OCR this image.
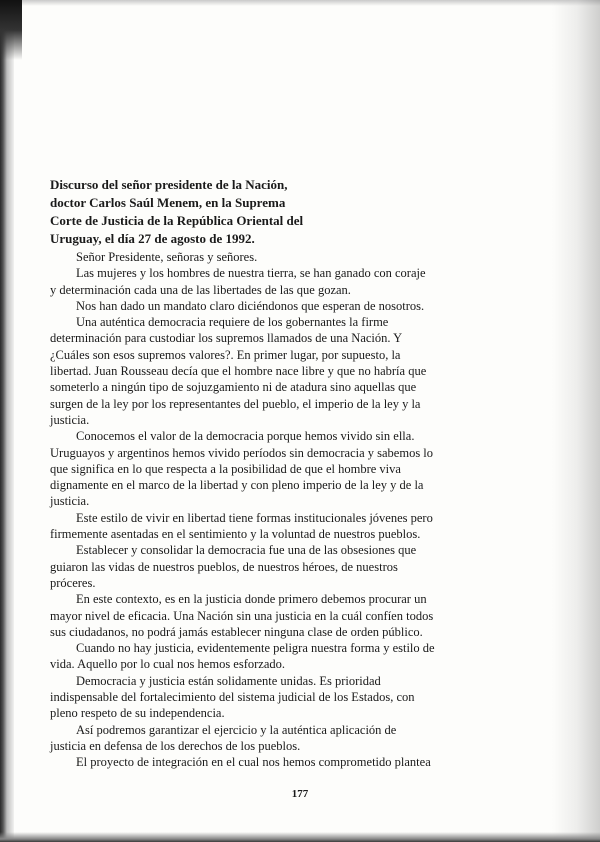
Discurso del señor presidente de la Nación,
doctor Carlos Saúl Menem, en la Suprema
Corte de Justicia de la República Oriental del
Uruguay, el día 27 de agosto de 1992.

Señor Presidente, señoras y señores.

Las mujeres y los hombres de nuestra tierra, se han ganado con coraje
y determinación cada una de las libertades de las que gozan.

Nos han dado un mandato claro diciéndonos que esperan de nosotros.

Una auténtica democracia requiere de los gobernantes la firme
determinación para custodiar los supremos llamados de una Nación. Y
¿Cuáles son esos supremos valores?. En primer lugar, por supuesto, la
libertad. Juan Rousseau decía que el hombre nace libre y que no habría que
someterlo a ningún tipo de sojuzgamiento ni de atadura sino aquellas que
surgen de la ley por los representantes del pueblo, el imperio de la ley y la
justicia.

Conocemos el valor de la democracia porque hemos vivido sin ella.
Uruguayos y argentinos hemos vivido períodos sin democracia y sabemos lo
que significa en lo que respecta a la posibilidad de que el hombre viva
dignamente en el marco de la libertad y con pleno imperio de la ley y de la
justicia.

Este estilo de vivir en libertad tiene formas institucionales jóvenes pero
firmemente asentadas en el sentimiento y la voluntad de nuestros pueblos.

Establecer y consolidar la democracia fue una de las obsesiones que
guiaron las vidas de nuestros pueblos, de nuestros héroes, de nuestros
próceres.

En este contexto, es en la justicia donde primero debemos procurar un
mayor nivel de eficacia. Una Nación sin una justicia en la cuál confíen todos
sus ciudadanos, no podrá jamás establecer ninguna clase de orden público.

Cuando no hay justicia, evidentemente peligra nuestra forma y estilo de
vida. Aquello por lo cual nos hemos esforzado.

Democracia y justicia están solidamente unidas. Es prioridad
indispensable del fortalecimiento del sistema judicial de los Estados, con
pleno respeto de su independencia.

Así podremos garantizar el ejercicio y la auténtica aplicación de
justicia en defensa de los derechos de los pueblos.

El proyecto de integración en el cual nos hemos comprometido plantea

177
